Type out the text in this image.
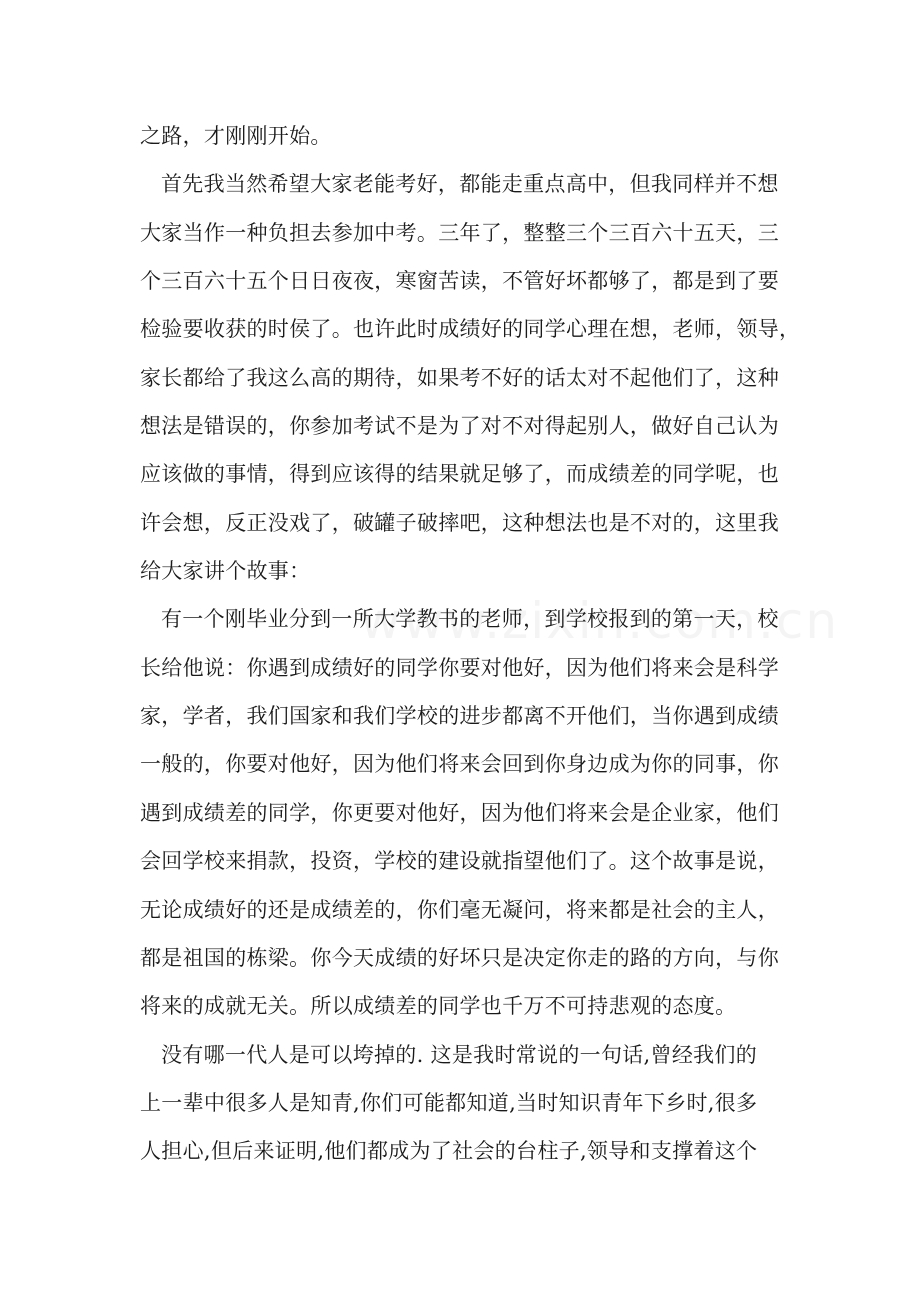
之路，才刚刚开始。
首先我当然希望大家老能考好，都能走重点高中，但我同样并不想
大家当作一种负担去参加中考。三年了，整整三个三百六十五天，三
个三百六十五个日日夜夜，寒窗苦读，不管好坏都够了，都是到了要
检验要收获的时侯了。也许此时成绩好的同学心理在想，老师，领导，
家长都给了我这么高的期待，如果考不好的话太对不起他们了，这种
想法是错误的，你参加考试不是为了对不对得起别人，做好自己认为
应该做的事情，得到应该得的结果就足够了，而成绩差的同学呢，也
许会想，反正没戏了，破罐子破摔吧，这种想法也是不对的，这里我
给大家讲个故事：
有一个刚毕业分到一所大学教书的老师，到学校报到的第一天，校
长给他说：你遇到成绩好的同学你要对他好，因为他们将来会是科学
家，学者，我们国家和我们学校的进步都离不开他们，当你遇到成绩
一般的，你要对他好，因为他们将来会回到你身边成为你的同事，你
遇到成绩差的同学，你更要对他好，因为他们将来会是企业家，他们
会回学校来捐款，投资，学校的建设就指望他们了。这个故事是说，
无论成绩好的还是成绩差的，你们毫无凝问，将来都是社会的主人，
都是祖国的栋梁。你今天成绩的好坏只是决定你走的路的方向，与你
将来的成就无关。所以成绩差的同学也千万不可持悲观的态度。
没有哪一代人是可以垮掉的. 这是我时常说的一句话,曾经我们的
上一辈中很多人是知青,你们可能都知道,当时知识青年下乡时,很多
人担心,但后来证明,他们都成为了社会的台柱子,领导和支撑着这个
